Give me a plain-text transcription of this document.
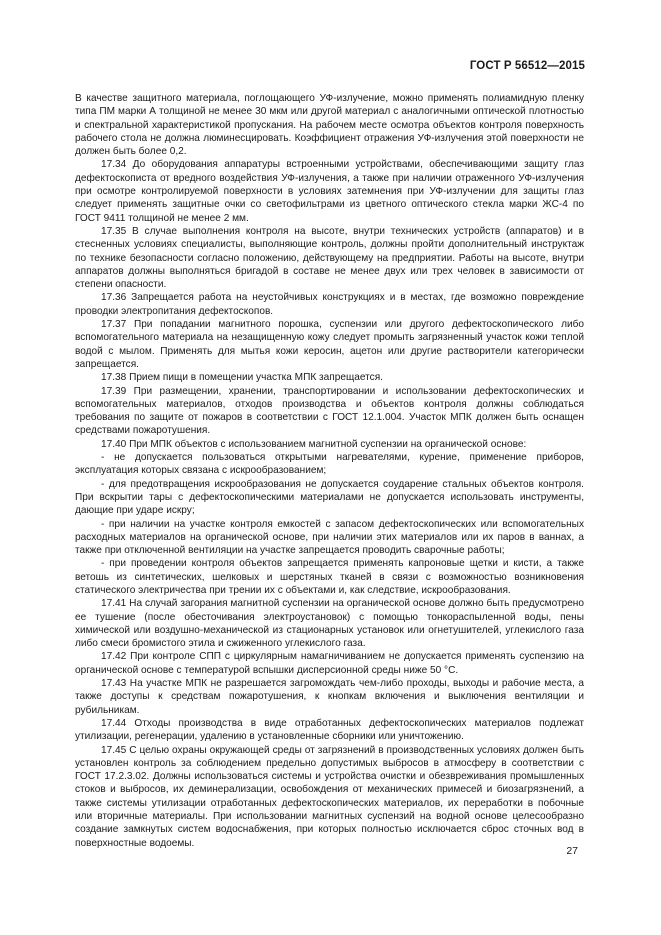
ГОСТ Р 56512—2015

В качестве защитного материала, поглощающего УФ-излучение, можно применять полиамидную пленку типа ПМ марки А толщиной не менее 30 мкм или другой материал с аналогичными оптической плотностью и спектральной характеристикой пропускания. На рабочем месте осмотра объектов контроля поверхность рабочего стола не должна люминесцировать. Коэффициент отражения УФ-излучения этой поверхности не должен быть более 0,2.

17.34 До оборудования аппаратуры встроенными устройствами, обеспечивающими защиту глаз дефектоскописта от вредного воздействия УФ-излучения, а также при наличии отраженного УФ-излучения при осмотре контролируемой поверхности в условиях затемнения при УФ-излучении для защиты глаз следует применять защитные очки со светофильтрами из цветного оптического стекла марки ЖС-4 по ГОСТ 9411 толщиной не менее 2 мм.

17.35 В случае выполнения контроля на высоте, внутри технических устройств (аппаратов) и в стесненных условиях специалисты, выполняющие контроль, должны пройти дополнительный инструктаж по технике безопасности согласно положению, действующему на предприятии. Работы на высоте, внутри аппаратов должны выполняться бригадой в составе не менее двух или трех человек в зависимости от степени опасности.

17.36 Запрещается работа на неустойчивых конструкциях и в местах, где возможно повреждение проводки электропитания дефектоскопов.

17.37 При попадании магнитного порошка, суспензии или другого дефектоскопического либо вспомогательного материала на незащищенную кожу следует промыть загрязненный участок кожи теплой водой с мылом. Применять для мытья кожи керосин, ацетон или другие растворители категорически запрещается.

17.38 Прием пищи в помещении участка МПК запрещается.

17.39 При размещении, хранении, транспортировании и использовании дефектоскопических и вспомогательных материалов, отходов производства и объектов контроля должны соблюдаться требования по защите от пожаров в соответствии с ГОСТ 12.1.004. Участок МПК должен быть оснащен средствами пожаротушения.

17.40 При МПК объектов с использованием магнитной суспензии на органической основе:

- не допускается пользоваться открытыми нагревателями, курение, применение приборов, эксплуатация которых связана с искрообразованием;

- для предотвращения искрообразования не допускается соударение стальных объектов контроля. При вскрытии тары с дефектоскопическими материалами не допускается использовать инструменты, дающие при ударе искру;

- при наличии на участке контроля емкостей с запасом дефектоскопических или вспомогательных расходных материалов на органической основе, при наличии этих материалов или их паров в ваннах, а также при отключенной вентиляции на участке запрещается проводить сварочные работы;

- при проведении контроля объектов запрещается применять капроновые щетки и кисти, а также ветошь из синтетических, шелковых и шерстяных тканей в связи с возможностью возникновения статического электричества при трении их с объектами и, как следствие, искрообразования.

17.41 На случай загорания магнитной суспензии на органической основе должно быть предусмотрено ее тушение (после обесточивания электроустановок) с помощью тонкораспыленной воды, пены химической или воздушно-механической из стационарных установок или огнетушителей, углекислого газа либо смеси бромистого этила и сжиженного углекислого газа.

17.42 При контроле СПП с циркулярным намагничиванием не допускается применять суспензию на органической основе с температурой вспышки дисперсионной среды ниже 50 °С.

17.43 На участке МПК не разрешается загромождать чем-либо проходы, выходы и рабочие места, а также доступы к средствам пожаротушения, к кнопкам включения и выключения вентиляции и рубильникам.

17.44 Отходы производства в виде отработанных дефектоскопических материалов подлежат утилизации, регенерации, удалению в установленные сборники или уничтожению.

17.45 С целью охраны окружающей среды от загрязнений в производственных условиях должен быть установлен контроль за соблюдением предельно допустимых выбросов в атмосферу в соответствии с ГОСТ 17.2.3.02. Должны использоваться системы и устройства очистки и обезвреживания промышленных стоков и выбросов, их деминерализации, освобождения от механических примесей и биозагрязнений, а также системы утилизации отработанных дефектоскопических материалов, их переработки в побочные или вторичные материалы. При использовании магнитных суспензий на водной основе целесообразно создание замкнутых систем водоснабжения, при которых полностью исключается сброс сточных вод в поверхностные водоемы.

27
